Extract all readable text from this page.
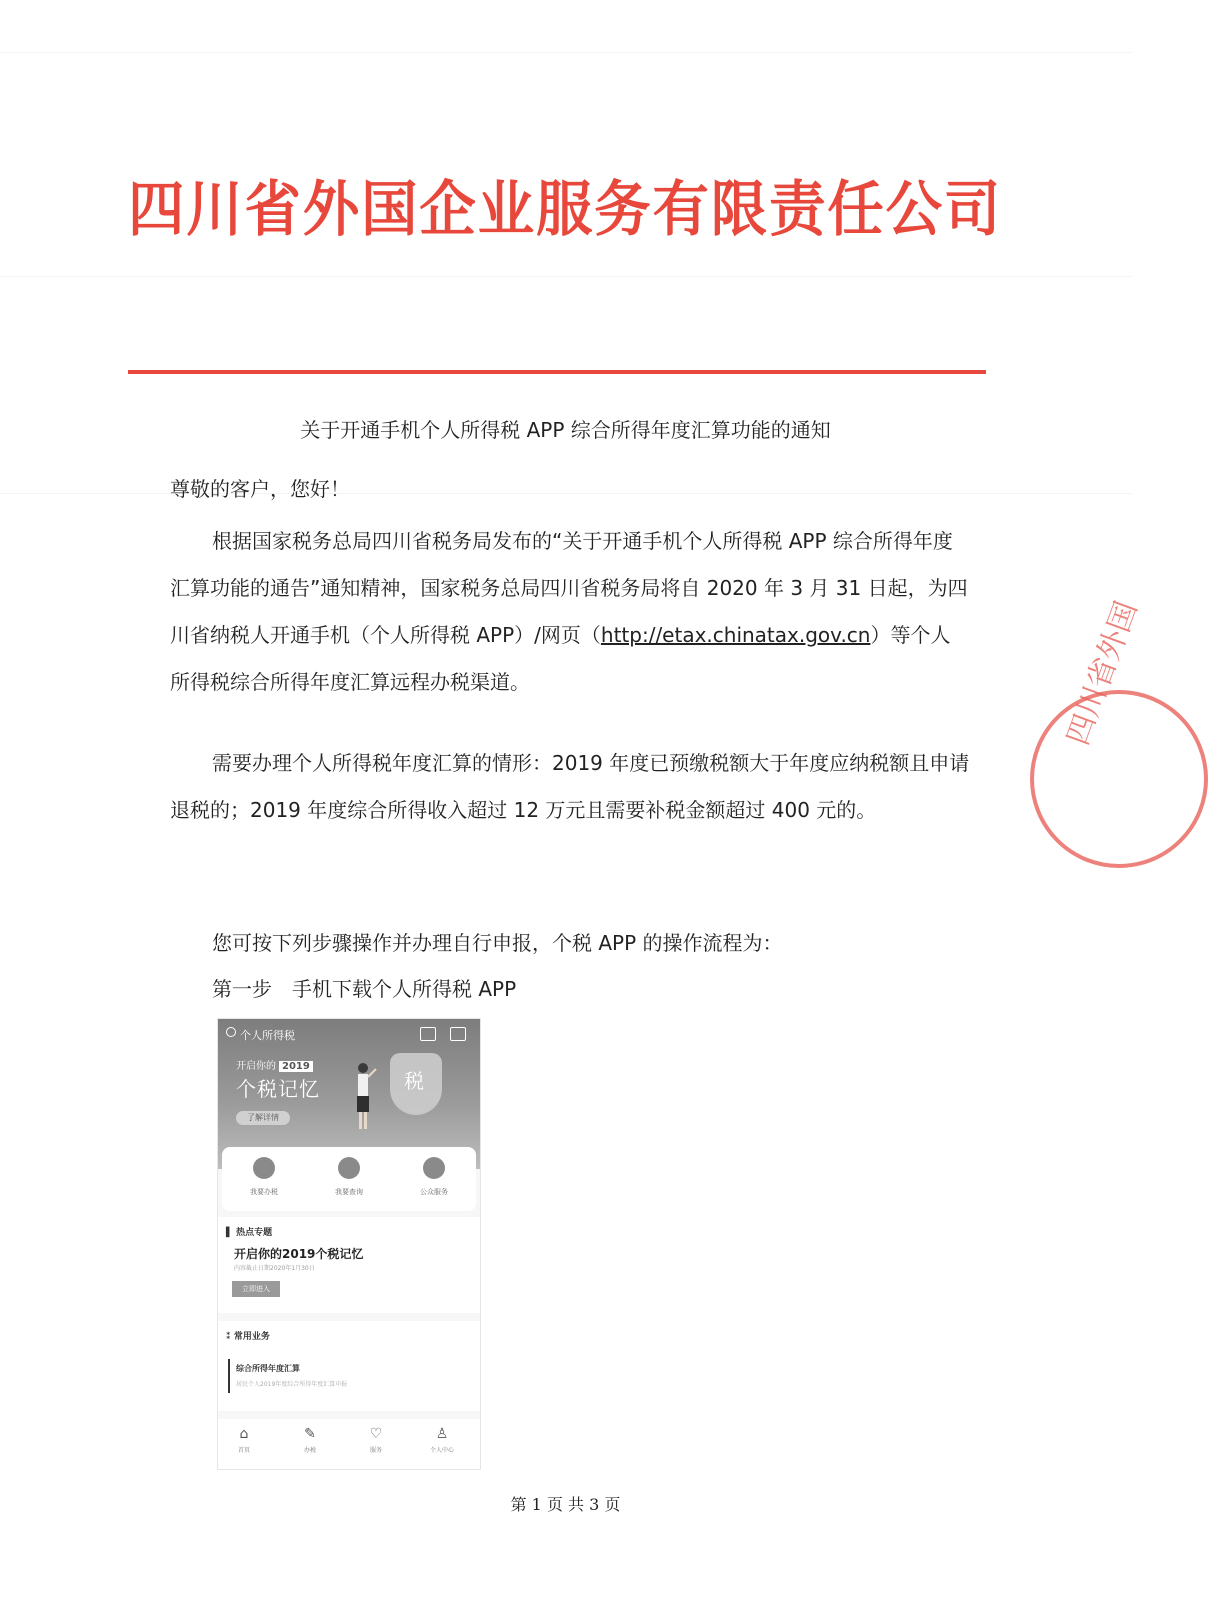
四川省外国企业服务有限责任公司
关于开通手机个人所得税 APP 综合所得年度汇算功能的通知
尊敬的客户，您好！
根据国家税务总局四川省税务局发布的“关于开通手机个人所得税 APP 综合所得年度汇算功能的通告”通知精神，国家税务总局四川省税务局将自 2020 年 3 月 31 日起，为四川省纳税人开通手机（个人所得税 APP）/网页（http://etax.chinatax.gov.cn）等个人所得税综合所得年度汇算远程办税渠道。
需要办理个人所得税年度汇算的情形：2019 年度已预缴税额大于年度应纳税额且申请退税的；2019 年度综合所得收入超过 12 万元且需要补税金额超过 400 元的。
您可按下列步骤操作并办理自行申报，个税 APP 的操作流程为：
第一步　手机下载个人所得税 APP
四川省外国
个人所得税
开启你的 2019
个税记忆
了解详情
税
我要办税	我要查询	公众服务
▌ 热点专题
开启你的2019个税记忆
内容截止日期2020年1月30日
立即进入
⁑ 常用业务
综合所得年度汇算
居民个人2019年度综合所得年度汇算申报
⌂
首页
✎
办税
♡
服务
♙
个人中心
第 1 页 共 3 页
